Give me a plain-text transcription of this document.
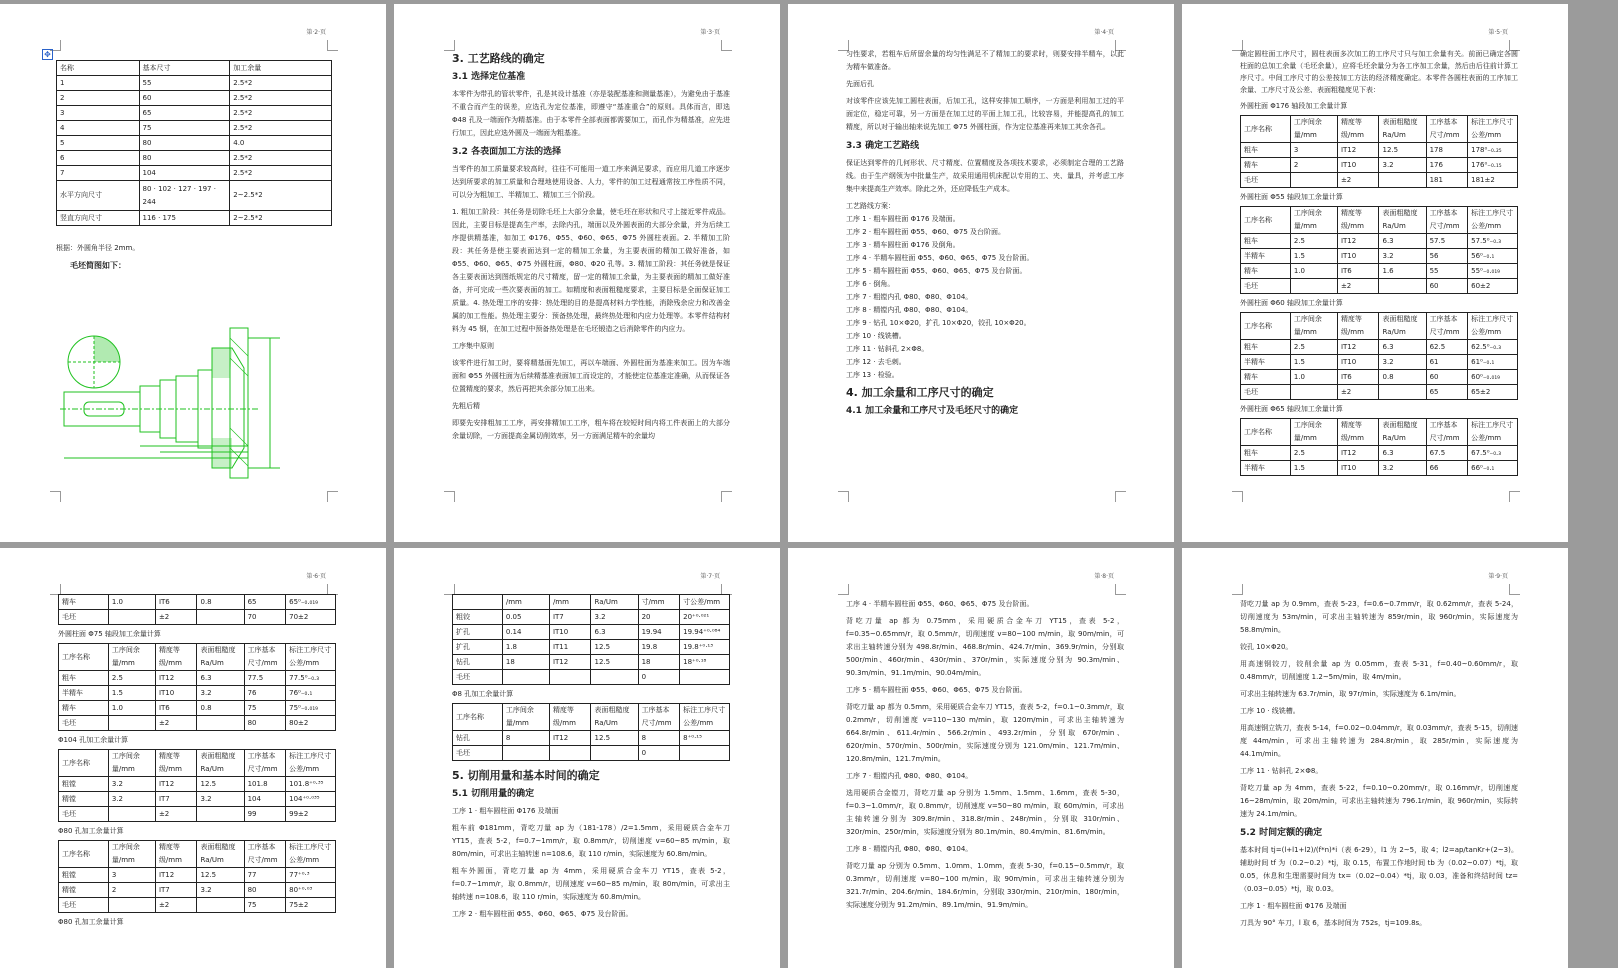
第·2·页
✥
名称	基本尺寸	加工余量
1	55	2.5*2
2	60	2.5*2
3	65	2.5*2
4	75	2.5*2
5	80	4.0
6	80	2.5*2
7	104	2.5*2
水平方向尺寸	80 · 102 · 127 · 197 · 244	2~2.5*2
竖直方向尺寸	116 · 175	2~2.5*2

根据：外圆角半径 2mm。

毛坯简图如下：

第·3·页
3. 工艺路线的确定
3.1 选择定位基准

本零件为带孔的管状零件，孔是其设计基准（亦是装配基准和测量基准），为避免由于基准不重合而产生的误差，应选孔为定位基准，即遵守“基准重合”的原则。具体而言，即选 Φ48 孔及一端面作为精基准。由于本零件全部表面都需要加工，而孔作为精基准，应先进行加工，因此应选外圆及一端面为粗基准。

3.2 各表面加工方法的选择

当零件的加工质量要求较高时，往往不可能用一道工序来满足要求，而应用几道工序逐步达到所要求的加工质量和合理地使用设备、人力，零件的加工过程通常按工序性质不同，可以分为粗加工、半精加工、精加工三个阶段。

1. 粗加工阶段：其任务是切除毛坯上大部分余量，使毛坯在形状和尺寸上接近零件成品。因此，主要目标是提高生产率，去除内孔，端面以及外圆表面的大部分余量，并为后续工序提供精基准，如加工 Φ176、Φ55、Φ60、Φ65、Φ75 外圆柱表面。2. 半精加工阶段：其任务是使主要表面达到一定的精加工余量，为主要表面的精加工做好准备，如 Φ55、Φ60、Φ65、Φ75 外圆柱面，Φ80、Φ20 孔等。3. 精加工阶段：其任务就是保证各主要表面达到图纸规定的尺寸精度，留一定的精加工余量，为主要表面的精加工做好准备，并可完成一些次要表面的加工。如精度和表面粗糙度要求，主要目标是全面保证加工质量。4. 热处理工序的安排：热处理的目的是提高材料力学性能，消除残余应力和改善金属的加工性能。热处理主要分：预备热处理，最终热处理和内应力处理等。本零件结构材料为 45 钢，在加工过程中预备热处理是在毛坯锻造之后消除零件的内应力。

工序集中原则

该零件进行加工时，要将精基面先加工，再以车端面、外圆柱面为基准来加工。因为车端面和 Φ55 外圆柱面为后续精基准表面加工而设定的，才能使定位基准定准确，从而保证各位置精度的要求，然后再把其余部分加工出来。

先粗后精

即要先安排粗加工工序，再安排精加工工序，粗车将在较短时间内将工件表面上的大部分余量切除，一方面提高金属切削效率，另一方面满足精车的余量均

第·4·页

匀性要求，若粗车后所留余量的均匀性满足不了精加工的要求时，则要安排半精车，以此为精车做准备。

先面后孔

对该零件应该先加工圆柱表面，后加工孔，这样安排加工顺序，一方面是利用加工过的平面定位，稳定可靠，另一方面是在加工过的平面上加工孔，比较容易，并能提高孔的加工精度，所以对于输出轴来说先加工 Φ75 外圆柱面，作为定位基准再来加工其余各孔。

3.3 确定工艺路线

保证达到零件的几何形状、尺寸精度、位置精度及各项技术要求，必须制定合理的工艺路线。由于生产纲领为中批量生产，故采用通用机床配以专用的工、夹、量具，并考虑工序集中来提高生产效率。除此之外，还应降低生产成本。

工艺路线方案：

工序 1 · 粗车圆柱面 Φ176 及端面。
工序 2 · 粗车圆柱面 Φ55、Φ60、Φ75 及台阶面。
工序 3 · 精车圆柱面 Φ176 及倒角。
工序 4 · 半精车圆柱面 Φ55、Φ60、Φ65、Φ75 及台阶面。
工序 5 · 精车圆柱面 Φ55、Φ60、Φ65、Φ75 及台阶面。
工序 6 · 倒角。
工序 7 · 粗镗内孔 Φ80、Φ80、Φ104。
工序 8 · 精镗内孔 Φ80、Φ80、Φ104。
工序 9 · 钻孔 10×Φ20，扩孔 10×Φ20，铰孔 10×Φ20。
工序 10 · 线铣槽。
工序 11 · 钻斜孔 2×Φ8。
工序 12 · 去毛刺。
工序 13 · 检验。
4. 加工余量和工序尺寸的确定
4.1 加工余量和工序尺寸及毛坯尺寸的确定
第·5·页

确定圆柱面工序尺寸，圆柱表面多次加工的工序尺寸只与加工余量有关。前面已确定各圆柱面的总加工余量（毛坯余量），应将毛坯余量分为各工序加工余量，然后由后往前计算工序尺寸。中间工序尺寸的公差按加工方法的经济精度确定。本零件各圆柱表面的工序加工余量、工序尺寸及公差、表面粗糙度见下表：

外圆柱面 Φ176 轴段加工余量计算
工序名称	工序间余量/mm	精度等级/mm	表面粗糙度 Ra/Um	工序基本尺寸/mm	标注工序尺寸公差/mm
粗车	3	IT12	12.5	178	178⁰₋₀.₂₅
精车	2	IT10	3.2	176	176⁰₋₀.₁₅
毛坯		±2		181	181±2
外圆柱面 Φ55 轴段加工余量计算
工序名称	工序间余量/mm	精度等级/mm	表面粗糙度 Ra/Um	工序基本尺寸/mm	标注工序尺寸公差/mm
粗车	2.5	IT12	6.3	57.5	57.5⁰₋₀.₃
半精车	1.5	IT10	3.2	56	56⁰₋₀.₁
精车	1.0	IT6	1.6	55	55⁰₋₀.₀₁₉
毛坯		±2		60	60±2
外圆柱面 Φ60 轴段加工余量计算
工序名称	工序间余量/mm	精度等级/mm	表面粗糙度 Ra/Um	工序基本尺寸/mm	标注工序尺寸公差/mm
粗车	2.5	IT12	6.3	62.5	62.5⁰₋₀.₃
半精车	1.5	IT10	3.2	61	61⁰₋₀.₁
精车	1.0	IT6	0.8	60	60⁰₋₀.₀₁₉
毛坯		±2		65	65±2
外圆柱面 Φ65 轴段加工余量计算
工序名称	工序间余量/mm	精度等级/mm	表面粗糙度 Ra/Um	工序基本尺寸/mm	标注工序尺寸公差/mm
粗车	2.5	IT12	6.3	67.5	67.5⁰₋₀.₃
半精车	1.5	IT10	3.2	66	66⁰₋₀.₁
第·6·页
精车	1.0	IT6	0.8	65	65⁰₋₀.₀₁₉
毛坯		±2		70	70±2
外圆柱面 Φ75 轴段加工余量计算
工序名称	工序间余量/mm	精度等级/mm	表面粗糙度 Ra/Um	工序基本尺寸/mm	标注工序尺寸公差/mm
粗车	2.5	IT12	6.3	77.5	77.5⁰₋₀.₃
半精车	1.5	IT10	3.2	76	76⁰₋₀.₁
精车	1.0	IT6	0.8	75	75⁰₋₀.₀₁₉
毛坯		±2		80	80±2
Φ104 孔加工余量计算
工序名称	工序间余量/mm	精度等级/mm	表面粗糙度 Ra/Um	工序基本尺寸/mm	标注工序尺寸公差/mm
粗镗	3.2	IT12	12.5	101.8	101.8⁺⁰·³⁵
精镗	3.2	IT7	3.2	104	104⁺⁰·⁰³⁵
毛坯		±2		99	99±2
Φ80 孔加工余量计算
工序名称	工序间余量/mm	精度等级/mm	表面粗糙度 Ra/Um	工序基本尺寸/mm	标注工序尺寸公差/mm
粗镗	3	IT12	12.5	77	77⁺⁰·³
精镗	2	IT7	3.2	80	80⁺⁰·⁰³
毛坯		±2		75	75±2
Φ80 孔加工余量计算
第·7·页
	/mm	/mm	Ra/Um	寸/mm	寸公差/mm
粗铰	0.05	IT7	3.2	20	20⁺⁰·⁰²¹
扩孔	0.14	IT10	6.3	19.94	19.94⁺⁰·⁰⁸⁴
扩孔	1.8	IT11	12.5	19.8	19.8⁺⁰·¹³
钻孔	18	IT12	12.5	18	18⁺⁰·¹⁸
毛坯				0	
Φ8 孔加工余量计算
工序名称	工序间余量/mm	精度等级/mm	表面粗糙度 Ra/Um	工序基本尺寸/mm	标注工序尺寸公差/mm
钻孔	8	IT12	12.5	8	8⁺⁰·¹⁵
毛坯				0	
5. 切削用量和基本时间的确定
5.1 切削用量的确定

工序 1 · 粗车圆柱面 Φ176 及端面

粗车前 Φ181mm，背吃刀量 ap 为（181-178）/2=1.5mm，采用硬质合金车刀 YT15，查表 5-2，f=0.7~1mm/r，取 0.8mm/r，切削速度 v=60~85 m/min，取 80m/min，可求出主轴转速 n=108.6，取 110 r/min，实际速度为 60.8m/min。

粗车外圆面，背吃刀量 ap 为 4mm，采用硬质合金车刀 YT15，查表 5-2，f=0.7~1mm/r，取 0.8mm/r，切削速度 v=60~85 m/min，取 80m/min，可求出主轴转速 n=108.6，取 110 r/min，实际速度为 60.8m/min。

工序 2 · 粗车圆柱面 Φ55、Φ60、Φ65、Φ75 及台阶面。

第·8·页

工序 4 · 半精车圆柱面 Φ55、Φ60、Φ65、Φ75 及台阶面。

背吃刀量 ap 都为 0.75mm，采用硬质合金车刀 YT15，查表 5-2，f=0.35~0.65mm/r，取 0.5mm/r，切削速度 v=80~100 m/min，取 90m/min，可求出主轴转速分别为 498.8r/min、468.8r/min、424.7r/min、369.9r/min，分别取 500r/min、460r/min、430r/min、370r/min，实际速度分别为 90.3m/min、90.3m/min、91.1m/min、90.04m/min。

工序 5 · 精车圆柱面 Φ55、Φ60、Φ65、Φ75 及台阶面。

背吃刀量 ap 都为 0.5mm，采用硬质合金车刀 YT15，查表 5-2，f=0.1~0.3mm/r，取 0.2mm/r，切削速度 v=110~130 m/min，取 120m/min，可求出主轴转速为 664.8r/min、611.4r/min、566.2r/min、493.2r/min，分别取 670r/min、620r/min、570r/min、500r/min，实际速度分别为 121.0m/min、121.7m/min、120.8m/min、121.7m/min。

工序 7 · 粗镗内孔 Φ80、Φ80、Φ104。

选用硬质合金镗刀，背吃刀量 ap 分别为 1.5mm、1.5mm、1.6mm，查表 5-30，f=0.3~1.0mm/r，取 0.8mm/r，切削速度 v=50~80 m/min，取 60m/min，可求出主轴转速分别为 309.8r/min、318.8r/min、248r/min，分别取 310r/min、320r/min、250r/min，实际速度分别为 80.1m/min、80.4m/min、81.6m/min。

工序 8 · 精镗内孔 Φ80、Φ80、Φ104。

背吃刀量 ap 分别为 0.5mm、1.0mm、1.0mm，查表 5-30，f=0.15~0.5mm/r，取 0.3mm/r，切削速度 v=80~100 m/min，取 90m/min，可求出主轴转速分别为 321.7r/min、204.6r/min、184.6r/min，分别取 330r/min、210r/min、180r/min，实际速度分别为 91.2m/min、89.1m/min、91.9m/min。

第·9·页

背吃刀量 ap 为 0.9mm，查表 5-23，f=0.6~0.7mm/r，取 0.62mm/r，查表 5-24，切削速度为 53m/min，可求出主轴转速为 859r/min，取 960r/min，实际速度为 58.8m/min。

铰孔 10×Φ20。

用高速钢铰刀，铰削余量 ap 为 0.05mm，查表 5-31，f=0.40~0.60mm/r，取 0.48mm/r，切削速度 1.2~5m/min，取 4m/min。

可求出主轴转速为 63.7r/min，取 97r/min，实际速度为 6.1m/min。

工序 10 · 线铣槽。

用高速钢立铣刀，查表 5-14，f=0.02~0.04mm/r，取 0.03mm/r，查表 5-15，切削速度 44m/min，可求出主轴转速为 284.8r/min，取 285r/min，实际速度为 44.1m/min。

工序 11 · 钻斜孔 2×Φ8。

背吃刀量 ap 为 4mm，查表 5-22，f=0.10~0.20mm/r，取 0.16mm/r，切削速度 16~28m/min，取 20m/min，可求出主轴转速为 796.1r/min，取 960r/min，实际转速为 24.1m/min。

5.2 时间定额的确定

基本时间 tj=(l+l1+l2)/(f*n)*i（表 6-29），l1 为 2~5，取 4；l2=ap/tanKr+(2~3)。辅助时间 tf 为（0.2~0.2）*tj，取 0.15，布置工作地时间 tb 为（0.02~0.07）*tj，取 0.05，休息和生理需要时间为 tx=（0.02~0.04）*tj，取 0.03，准备和终结时间 tz=（0.03~0.05）*tj，取 0.03。

工序 1 · 粗车圆柱面 Φ176 及端面

刀具为 90° 车刀，l 取 6，基本时间为 752s，tj=109.8s。
